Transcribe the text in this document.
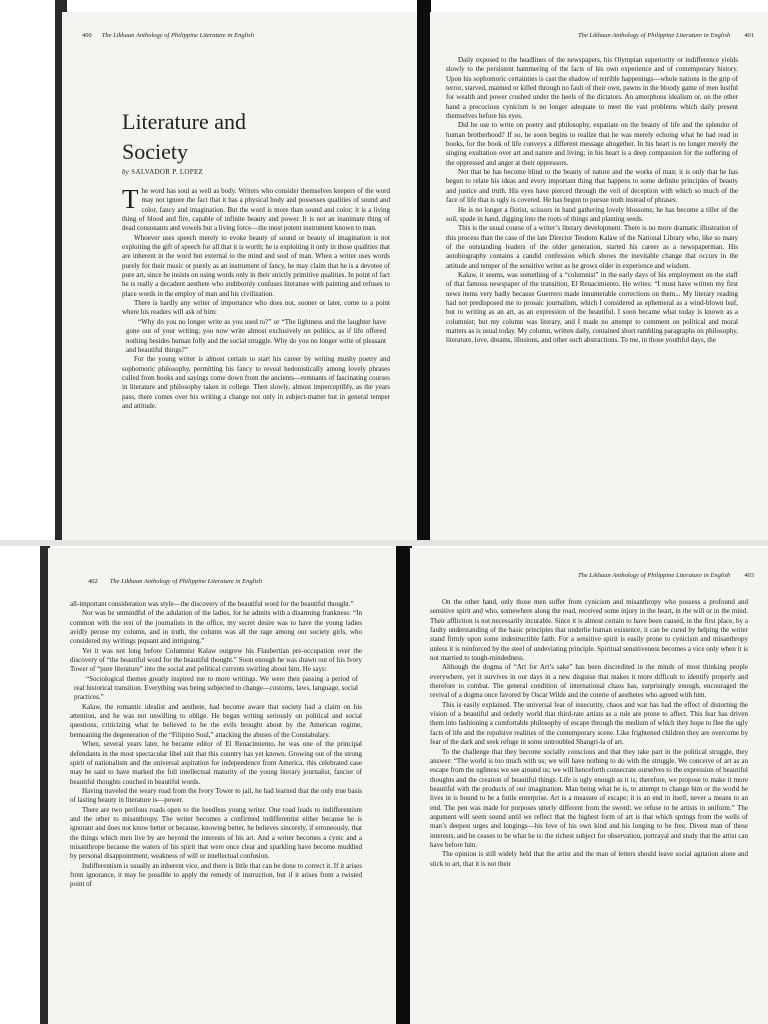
400 The Likhaan Anthology of Philippine Literature in English
Literature and
Society
by SALVADOR P. LOPEZ

The word has soul as well as body. Writers who consider themselves keepers of the word may not ignore the fact that it has a physical body and possesses qualities of sound and color, fancy and imagination. But the word is more than sound and color; it is a living thing of blood and fire, capable of infinite beauty and power. It is not an inanimate thing of dead consonants and vowels but a living force—the most potent instrument known to man.

Whoever uses speech merely to evoke beauty of sound or beauty of imagination is not exploiting the gift of speech for all that it is worth; he is exploiting it only in those qualities that are inherent in the word but external to the mind and soul of man. When a writer uses words purely for their music or purely as an instrument of fancy, he may claim that he is a devotee of pure art, since he insists on using words only in their strictly primitive qualities. In point of fact he is really a decadent aesthete who stubbornly confuses literature with painting and refuses to place words in the employ of man and his civilization.

There is hardly any writer of importance who does not, sooner or later, come to a point where his readers will ask of him:

“Why do you no longer write as you used to?” or “The lightness and the laughter have gone out of your writing; you now write almost exclusively on politics, as if life offered nothing besides human folly and the social struggle. Why do you no longer write of pleasant and beautiful things?”

For the young writer is almost certain to start his career by writing mushy poetry and sophomoric philosophy, permitting his fancy to reveal hedonistically among lovely phrases culled from books and sayings come down from the ancients—remnants of fascinating courses in literature and philosophy taken in college. Then slowly, almost imperceptibly, as the years pass, there comes over his writing a change not only in subject-matter but in general temper and attitude.

The Likhaan Anthology of Philippine Literature in English 401

Daily exposed to the headlines of the newspapers, his Olympian superiority or indifference yields slowly to the persistent hammering of the facts of his own experience and of contemporary history. Upon his sophomoric certainties is cast the shadow of terrible happenings—whole nations in the grip of terror, starved, maimed or killed through no fault of their own, pawns in the bloody game of men lustful for wealth and power crushed under the heels of the dictators. An amorphous idealism or, on the other hand a precocious cynicism is no longer adequate to meet the vast problems which daily present themselves before his eyes.

Did he use to write on poetry and philosophy, expatiate on the beauty of life and the splendor of human brotherhood? If so, he soon begins to realize that he was merely echoing what he had read in books, for the book of life conveys a different message altogether. In his heart is no longer merely the singing exultation over art and nature and living; in his heart is a deep compassion for the suffering of the oppressed and anger at their oppressors.

Not that he has become blind to the beauty of nature and the works of man; it is only that he has begun to relate his ideas and every important thing that happens to some definite principles of beauty and justice and truth. His eyes have pierced through the veil of deception with which so much of the face of life that is ugly is covered. He has begun to pursue truth instead of phrases.

He is no longer a florist, scissors in hand gathering lovely blossoms; he has become a tiller of the soil, spade in hand, digging into the roots of things and planting seeds.

This is the usual course of a writer’s literary development. There is no more dramatic illustration of this process than the case of the late Director Teodoro Kalaw of the National Library who, like so many of the outstanding leaders of the older generation, started his career as a newspaperman. His autobiography contains a candid confession which shows the inevitable change that occurs in the attitude and temper of the sensitive writer as he grows older in experience and wisdom.

Kalaw, it seems, was something of a “columnist” in the early days of his employment on the staff of that famous newspaper of the transition, El Renacimiento. He writes: “I must have written my first news items very badly because Guerrero made innumerable corrections on them... My literary reading had not predisposed me to prosaic journalism, which I considered as ephemeral as a wind-blown leaf, but to writing as an art, as an expression of the beautiful. I soon became what today is known as a columnist; but my column was literary, and I made no attempt to comment on political and moral matters as is usual today. My column, written daily, contained short rambling paragraphs on philosophy, literature, love, dreams, illusions, and other such abstractions. To me, in those youthful days, the

402 The Likhaan Anthology of Philippine Literature in English

all-important consideration was style—the discovery of the beautiful word for the beautiful thought.”

Nor was he unmindful of the adulation of the ladies, for he admits with a disarming frankness: “In common with the rest of the journalists in the office, my secret desire was to have the young ladies avidly peruse my column, and in truth, the column was all the rage among our society girls, who considered my writings piquant and intriguing.”

Yet it was not long before Columnist Kalaw outgrew his Flaubertian pre-occupation over the discovery of “the beautiful word for the beautiful thought.” Soon enough he was drawn out of his Ivory Tower of “pure literature” into the social and political currents swirling about him. He says:

“Sociological themes greatly inspired me to more writings. We were then passing a period of real historical transition. Everything was being subjected to change—customs, laws, language, social practices.”

Kalaw, the romantic idealist and aesthete, had become aware that society had a claim on his attention, and he was not unwilling to oblige. He began writing seriously on political and social questions, criticizing what he believed to be the evils brought about by the American regime, bemoaning the degeneration of the “Filipino Soul,” attacking the abuses of the Constabulary.

When, several years later, he became editor of El Renacimiento, he was one of the principal defendants in the most spectacular libel suit that this country has yet known. Growing out of the strong spirit of nationalism and the universal aspiration for independence from America, this celebrated case may be said to have marked the full intellectual maturity of the young literary journalist, fancier of beautiful thoughts couched in beautiful words.

Having traveled the weary road from the Ivory Tower to jail, he had learned that the only true basis of lasting beauty in literature is—power.

There are two perilous roads open to the heedless young writer. One road leads to indifferentism and the other to misanthropy. The writer becomes a confirmed indifferentist either because he is ignorant and does not know better or because, knowing better, he believes sincerely, if erroneously, that the things which men live by are beyond the interests of his art. And a writer becomes a cynic and a misanthrope because the waters of his spirit that were once clear and sparkling have become muddied by personal disappointment, weakness of will or intellectual confusion.

Indifferentism is usually an inherent vice, and there is little that can be done to correct it. If it arises from ignorance, it may be possible to apply the remedy of instruction, but if it arises from a twisted point of

The Likhaan Anthology of Philippine Literature in English 403

On the other hand, only those men suffer from cynicism and misanthropy who possess a profound and sensitive spirit and who, somewhere along the road, received some injury in the heart, in the will or in the mind. Their affliction is not necessarily incurable. Since it is almost certain to have been caused, in the first place, by a faulty understanding of the basic principles that underlie human existence, it can be cured by helping the writer stand firmly upon some indestructible faith. For a sensitive spirit is easily prone to cynicism and misanthropy unless it is reinforced by the steel of undeviating principle. Spiritual sensitiveness becomes a vice only when it is not married to tough-mindedness.

Although the dogma of “Art for Art’s sake” has been discredited in the minds of most thinking people everywhere, yet it survives in our days in a new disguise that makes it more difficult to identify properly and therefore to combat. The general condition of international chaos has, surprisingly enough, encouraged the revival of a dogma once favored by Oscar Wilde and the coterie of aesthetes who agreed with him.

This is easily explained. The universal fear of insecurity, chaos and war has had the effect of distorting the vision of a beautiful and orderly world that third-rate artists as a rule are prone to affect. This fear has driven them into fashioning a comfortable philosophy of escape through the medium of which they hope to flee the ugly facts of life and the repulsive realities of the contemporary scene. Like frightened children they are overcome by fear of the dark and seek refuge in some untroubled Shangri-la of art.

To the challenge that they become socially conscious and that they take part in the political struggle, they answer: “The world is too much with us; we will have nothing to do with the struggle. We conceive of art as an escape from the ugliness we see around us; we will henceforth consecrate ourselves to the expression of beautiful thoughts and the creation of beautiful things. Life is ugly enough as it is; therefore, we propose to make it more beautiful with the products of our imagination. Man being what he is, to attempt to change him or the world he lives in is bound to be a futile enterprise. Art is a measure of escape; it is an end in itself, never a means to an end. The pen was made for purposes utterly different from the sword; we refuse to be artists in uniform.” The argument will seem sound until we reflect that the highest form of art is that which springs from the wells of man’s deepest urges and longings—his love of his own kind and his longing to be free. Divest man of these interests, and he ceases to be what he is: the richest subject for observation, portrayal and study that the artist can have before him.

The opinion is still widely held that the artist and the man of letters should leave social agitation alone and stick to art, that it is not their
